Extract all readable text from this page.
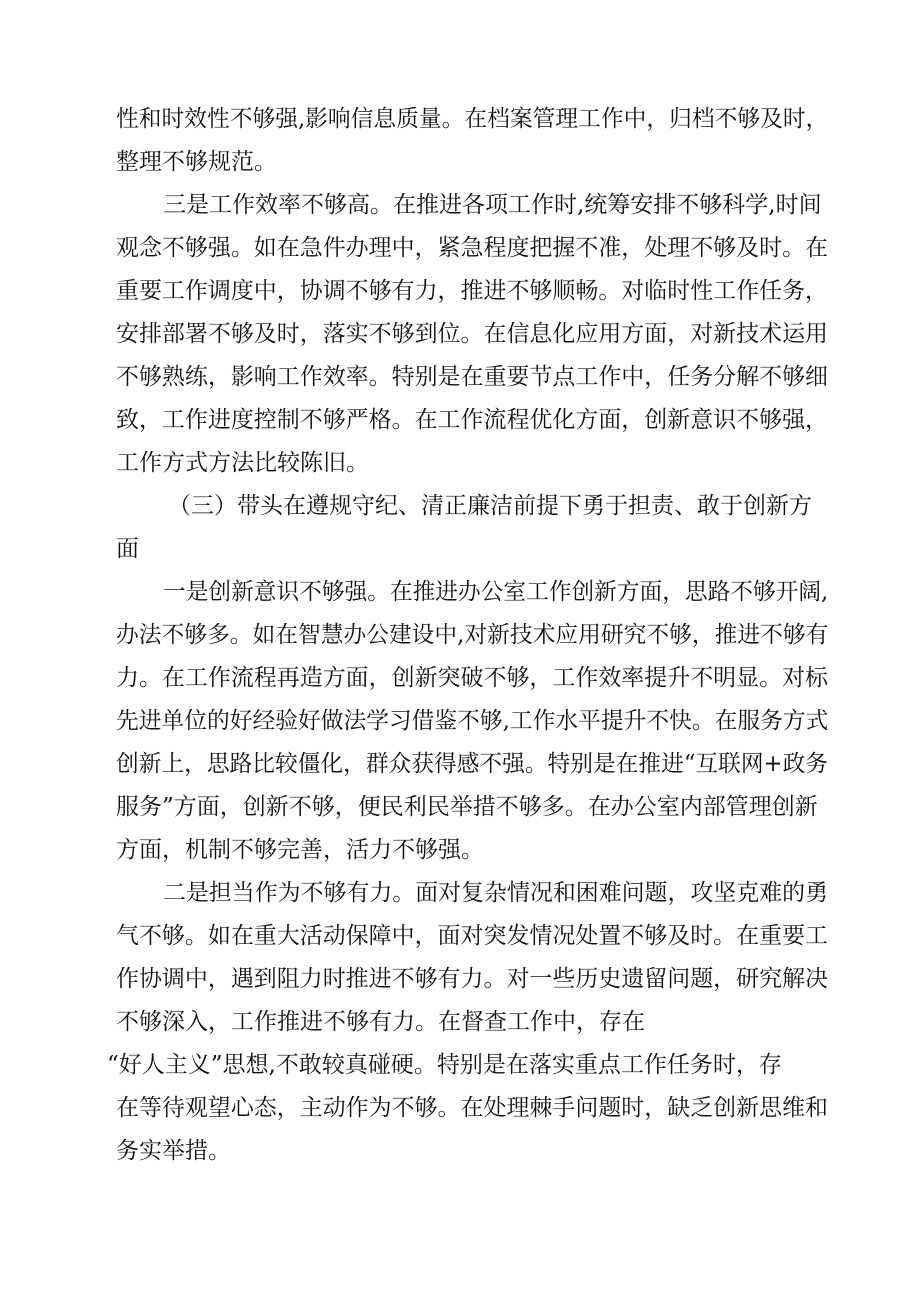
性和时效性不够强,影响信息质量。在档案管理工作中，归档不够及时，
整理不够规范。
三是工作效率不够高。在推进各项工作时,统筹安排不够科学,时间
观念不够强。如在急件办理中，紧急程度把握不准，处理不够及时。在
重要工作调度中，协调不够有力，推进不够顺畅。对临时性工作任务，
安排部署不够及时，落实不够到位。在信息化应用方面，对新技术运用
不够熟练，影响工作效率。特别是在重要节点工作中，任务分解不够细
致，工作进度控制不够严格。在工作流程优化方面，创新意识不够强，
工作方式方法比较陈旧。
（三）带头在遵规守纪、清正廉洁前提下勇于担责、敢于创新方
面
一是创新意识不够强。在推进办公室工作创新方面，思路不够开阔,
办法不够多。如在智慧办公建设中,对新技术应用研究不够，推进不够有
力。在工作流程再造方面，创新突破不够，工作效率提升不明显。对标
先进单位的好经验好做法学习借鉴不够,工作水平提升不快。在服务方式
创新上，思路比较僵化，群众获得感不强。特别是在推进“互联网+政务
服务”方面，创新不够，便民利民举措不够多。在办公室内部管理创新
方面，机制不够完善，活力不够强。
二是担当作为不够有力。面对复杂情况和困难问题，攻坚克难的勇
气不够。如在重大活动保障中，面对突发情况处置不够及时。在重要工
作协调中，遇到阻力时推进不够有力。对一些历史遗留问题，研究解决
不够深入，工作推进不够有力。在督查工作中，存在
“好人主义”思想,不敢较真碰硬。特别是在落实重点工作任务时，存
在等待观望心态，主动作为不够。在处理棘手问题时，缺乏创新思维和
务实举措。
